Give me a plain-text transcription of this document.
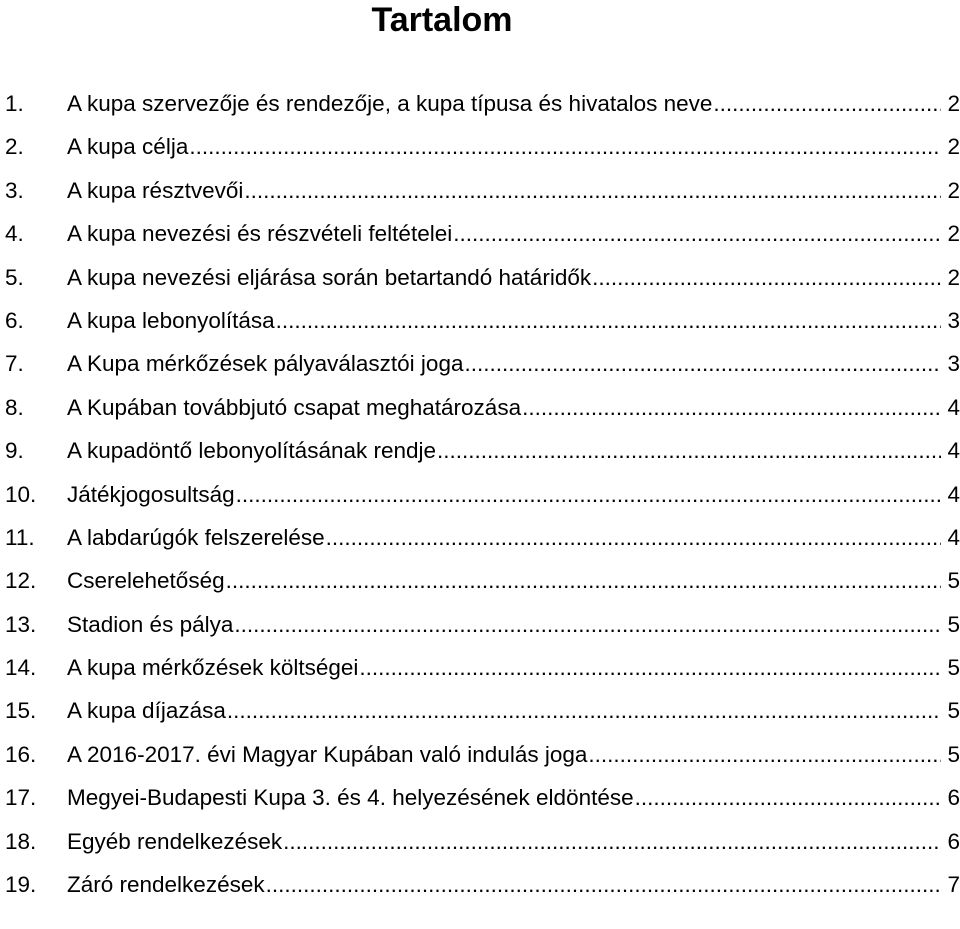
Tartalom
1. A kupa szervezője és rendezője, a kupa típusa és hivatalos neve .....	2
2. A kupa célja .....	2
3. A kupa résztvevői .....	2
4. A kupa nevezési és részvételi feltételei .....	2
5. A kupa nevezési eljárása során betartandó határidők .....	2
6. A kupa lebonyolítása .....	3
7. A Kupa mérkőzések pályaválasztói joga .....	3
8. A Kupában továbbjutó csapat meghatározása .....	4
9. A kupadöntő lebonyolításának rendje .....	4
10. Játékjogosultság .....	4
11. A labdarúgók felszerelése .....	4
12. Cserelehetőség .....	5
13. Stadion és pálya .....	5
14. A kupa mérkőzések költségei .....	5
15. A kupa díjazása .....	5
16. A 2016-2017. évi Magyar Kupában való indulás joga .....	5
17. Megyei-Budapesti Kupa 3. és 4. helyezésének eldöntése .....	6
18. Egyéb rendelkezések .....	6
19. Záró rendelkezések .....	7
